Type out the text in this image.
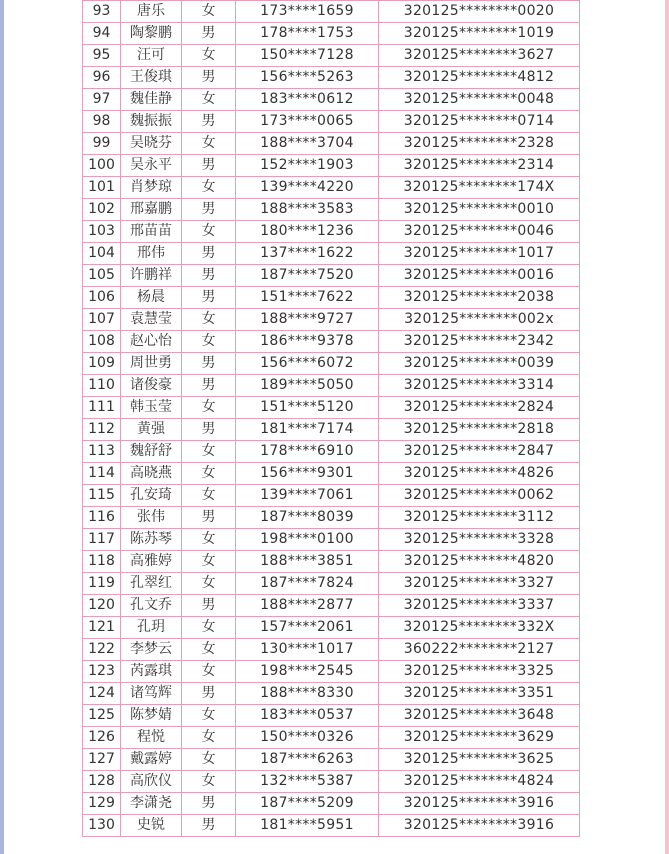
93	唐乐	女	173****1659	320125********0020
94	陶黎鹏	男	178****1753	320125********1019
95	汪可	女	150****7128	320125********3627
96	王俊琪	男	156****5263	320125********4812
97	魏佳静	女	183****0612	320125********0048
98	魏振振	男	173****0065	320125********0714
99	吴晓芬	女	188****3704	320125********2328
100	吴永平	男	152****1903	320125********2314
101	肖梦琼	女	139****4220	320125********174X
102	邢嘉鹏	男	188****3583	320125********0010
103	邢苗苗	女	180****1236	320125********0046
104	邢伟	男	137****1622	320125********1017
105	许鹏祥	男	187****7520	320125********0016
106	杨晨	男	151****7622	320125********2038
107	袁慧莹	女	188****9727	320125********002x
108	赵心怡	女	186****9378	320125********2342
109	周世勇	男	156****6072	320125********0039
110	诸俊豪	男	189****5050	320125********3314
111	韩玉莹	女	151****5120	320125********2824
112	黄强	男	181****7174	320125********2818
113	魏舒舒	女	178****6910	320125********2847
114	高晓燕	女	156****9301	320125********4826
115	孔安琦	女	139****7061	320125********0062
116	张伟	男	187****8039	320125********3112
117	陈苏琴	女	198****0100	320125********3328
118	高雅婷	女	188****3851	320125********4820
119	孔翠红	女	187****7824	320125********3327
120	孔文乔	男	188****2877	320125********3337
121	孔玥	女	157****2061	320125********332X
122	李梦云	女	130****1017	360222********2127
123	芮露琪	女	198****2545	320125********3325
124	诸笃辉	男	188****8330	320125********3351
125	陈梦婧	女	183****0537	320125********3648
126	程悦	女	150****0326	320125********3629
127	戴露婷	女	187****6263	320125********3625
128	高欣仪	女	132****5387	320125********4824
129	李潇尧	男	187****5209	320125********3916
130	史锐	男	181****5951	320125********3916
